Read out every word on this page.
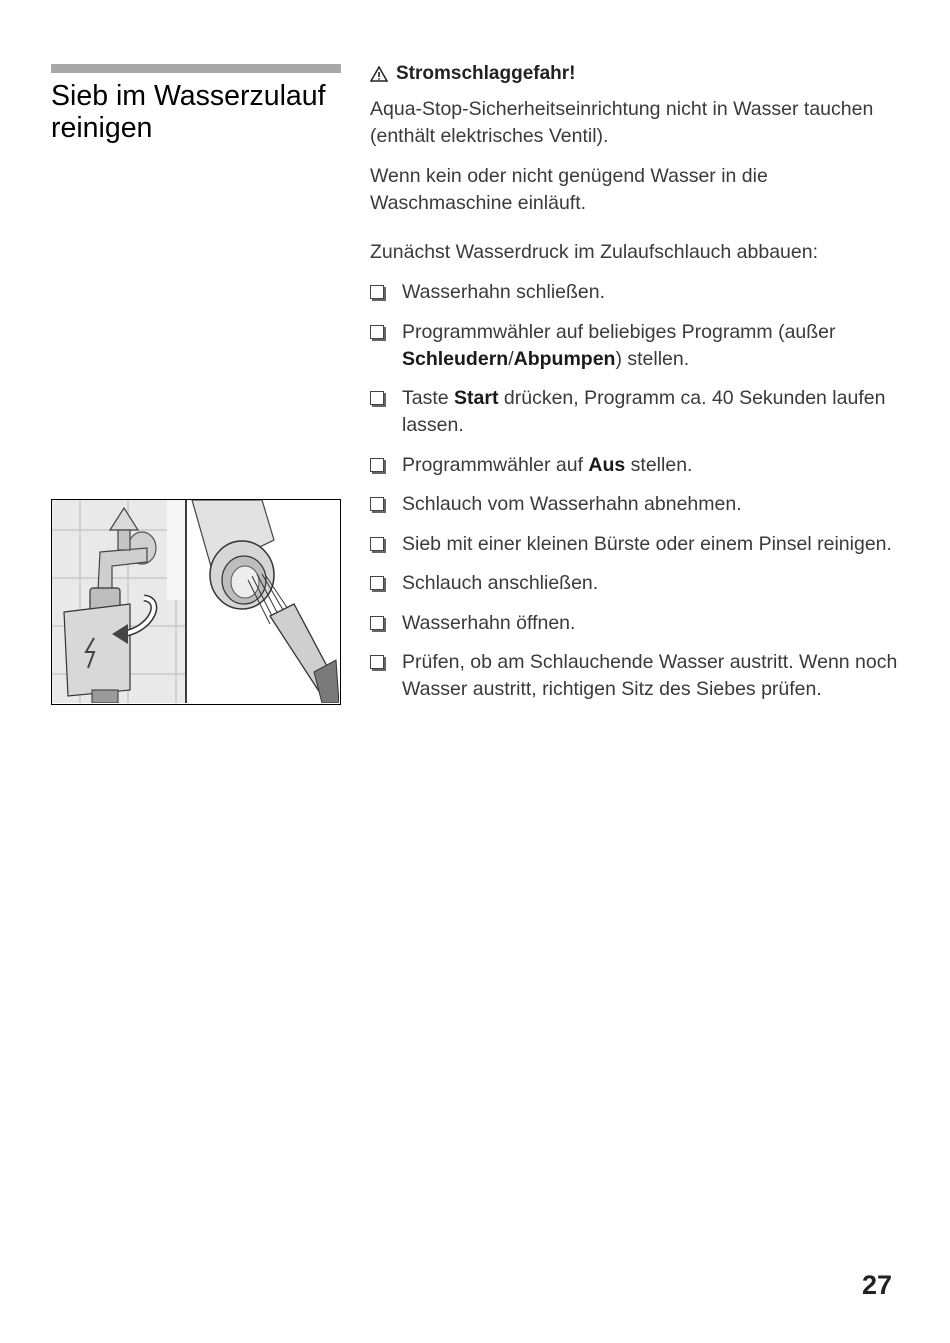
Sieb im Wasserzulauf reinigen
Stromschlaggefahr!

Aqua-Stop-Sicherheitseinrichtung nicht in Wasser tauchen (enthält elektrisches Ventil).

Wenn kein oder nicht genügend Wasser in die Waschmaschine einläuft.

Zunächst Wasserdruck im Zulaufschlauch abbauen:

Wasserhahn schließen.
Programmwähler auf beliebiges Programm (außer Schleudern/Abpumpen) stellen.
Taste Start drücken, Programm ca. 40 Sekunden laufen lassen.
Programmwähler auf Aus stellen.
Schlauch vom Wasserhahn abnehmen.
Sieb mit einer kleinen Bürste oder einem Pinsel reinigen.
Schlauch anschließen.
Wasserhahn öffnen.
Prüfen, ob am Schlauchende Wasser austritt. Wenn noch Wasser austritt, richtigen Sitz des Siebes prüfen.
27
